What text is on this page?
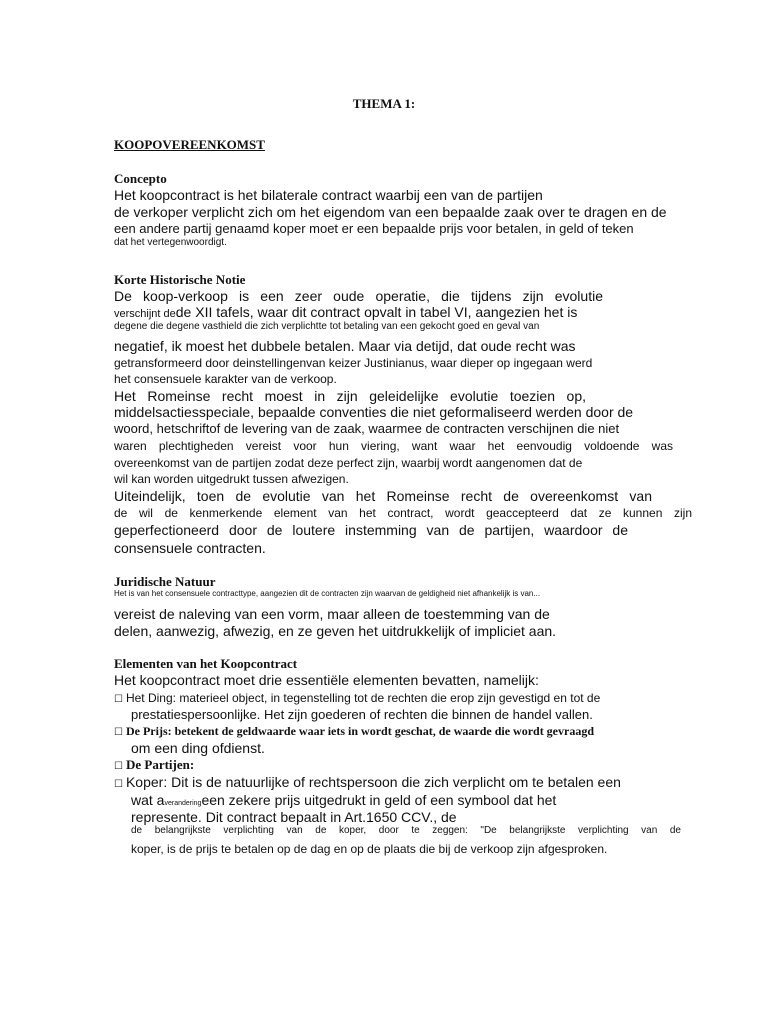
THEMA 1:
KOOPOVEREENKOMST
Concepto
Het koopcontract is het bilaterale contract waarbij een van de partijen
de verkoper verplicht zich om het eigendom van een bepaalde zaak over te dragen en de
een andere partij genaamd koper moet er een bepaalde prijs voor betalen, in geld of teken
dat het vertegenwoordigt.
Korte Historische Notie
De koop-verkoop is een zeer oude operatie, die tijdens zijn evolutie
verschijnt dede XII tafels, waar dit contract opvalt in tabel VI, aangezien het is
degene die degene vasthield die zich verplichtte tot betaling van een gekocht goed en geval van
negatief, ik moest het dubbele betalen. Maar via detijd, dat oude recht was
getransformeerd door deinstellingenvan keizer Justinianus, waar dieper op ingegaan werd
het consensuele karakter van de verkoop.
Het Romeinse recht moest in zijn geleidelijke evolutie toezien op,
middelsactiesspeciale, bepaalde conventies die niet geformaliseerd werden door de
woord, hetschriftof de levering van de zaak, waarmee de contracten verschijnen die niet
waren plechtigheden vereist voor hun viering, want waar het eenvoudig voldoende was
overeenkomst van de partijen zodat deze perfect zijn, waarbij wordt aangenomen dat de
wil kan worden uitgedrukt tussen afwezigen.
Uiteindelijk, toen de evolutie van het Romeinse recht de overeenkomst van
de wil de kenmerkende element van het contract, wordt geaccepteerd dat ze kunnen zijn
geperfectioneerd door de loutere instemming van de partijen, waardoor de
consensuele contracten.
Juridische Natuur
Het is van het consensuele contracttype, aangezien dit de contracten zijn waarvan de geldigheid niet afhankelijk is van...
vereist de naleving van een vorm, maar alleen de toestemming van de
delen, aanwezig, afwezig, en ze geven het uitdrukkelijk of impliciet aan.
Elementen van het Koopcontract
Het koopcontract moet drie essentiële elementen bevatten, namelijk:
☐ Het Ding: materieel object, in tegenstelling tot de rechten die erop zijn gevestigd en tot de
prestatiespersoonlijke. Het zijn goederen of rechten die binnen de handel vallen.
☐ De Prijs: betekent de geldwaarde waar iets in wordt geschat, de waarde die wordt gevraagd
om een ding ofdienst.
☐ De Partijen:
☐ Koper: Dit is de natuurlijke of rechtspersoon die zich verplicht om te betalen een
wat averanderingeen zekere prijs uitgedrukt in geld of een symbool dat het
represente. Dit contract bepaalt in Art.1650 CCV., de
de belangrijkste verplichting van de koper, door te zeggen: "De belangrijkste verplichting van de
koper, is de prijs te betalen op de dag en op de plaats die bij de verkoop zijn afgesproken.
